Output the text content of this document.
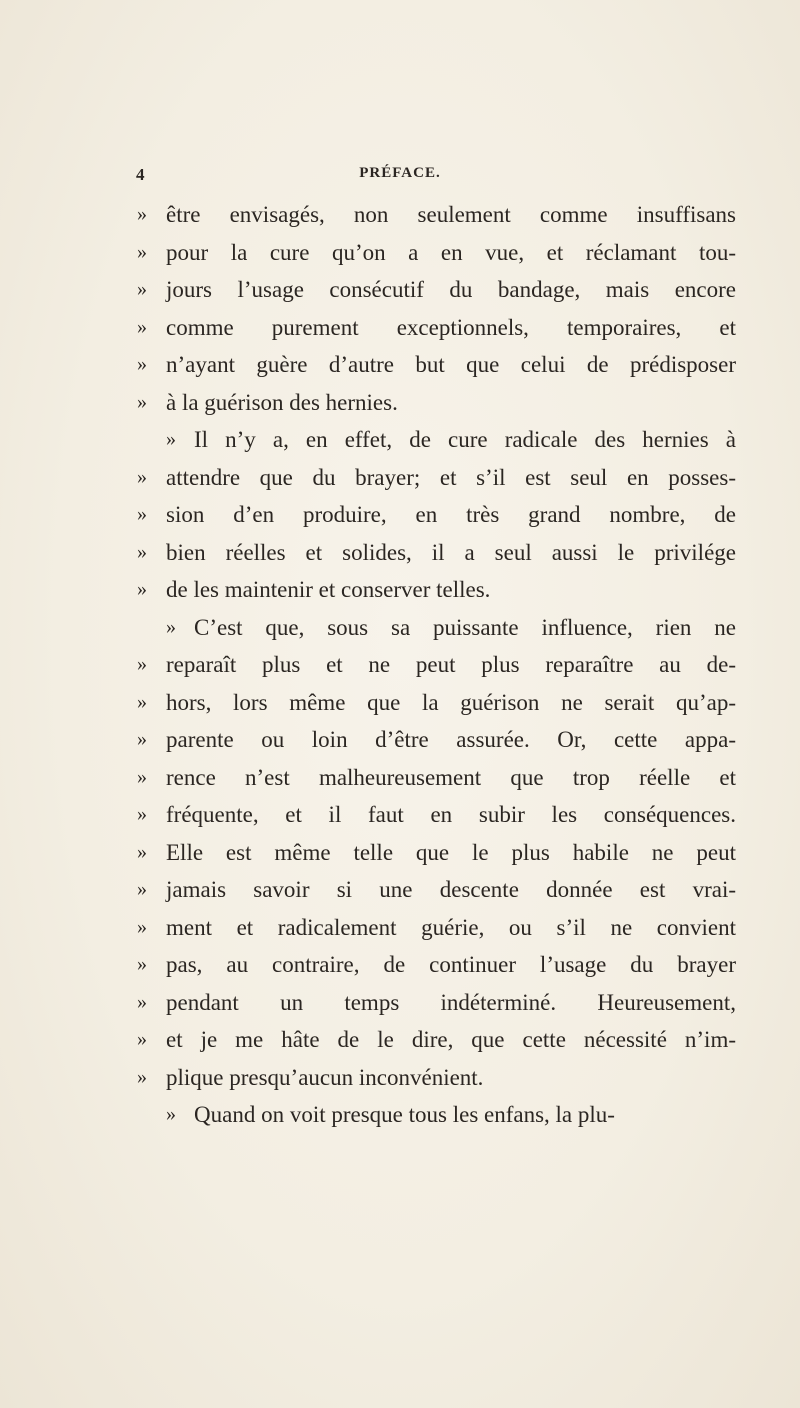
4	PRÉFACE.
» être envisagés, non seulement comme insuffisans
» pour la cure qu’on a en vue, et réclamant tou-
» jours l’usage consécutif du bandage, mais encore
» comme purement exceptionnels, temporaires, et
» n’ayant guère d’autre but que celui de prédisposer
» à la guérison des hernies.
» Il n’y a, en effet, de cure radicale des hernies à
» attendre que du brayer; et s’il est seul en posses-
» sion d’en produire, en très grand nombre, de
» bien réelles et solides, il a seul aussi le privilége
» de les maintenir et conserver telles.
» C’est que, sous sa puissante influence, rien ne
» reparaît plus et ne peut plus reparaître au de-
» hors, lors même que la guérison ne serait qu’ap-
» parente ou loin d’être assurée. Or, cette appa-
» rence n’est malheureusement que trop réelle et
» fréquente, et il faut en subir les conséquences.
» Elle est même telle que le plus habile ne peut
» jamais savoir si une descente donnée est vrai-
» ment et radicalement guérie, ou s’il ne convient
» pas, au contraire, de continuer l’usage du brayer
» pendant un temps indéterminé. Heureusement,
» et je me hâte de le dire, que cette nécessité n’im-
» plique presqu’aucun inconvénient.
» Quand on voit presque tous les enfans, la plu-
